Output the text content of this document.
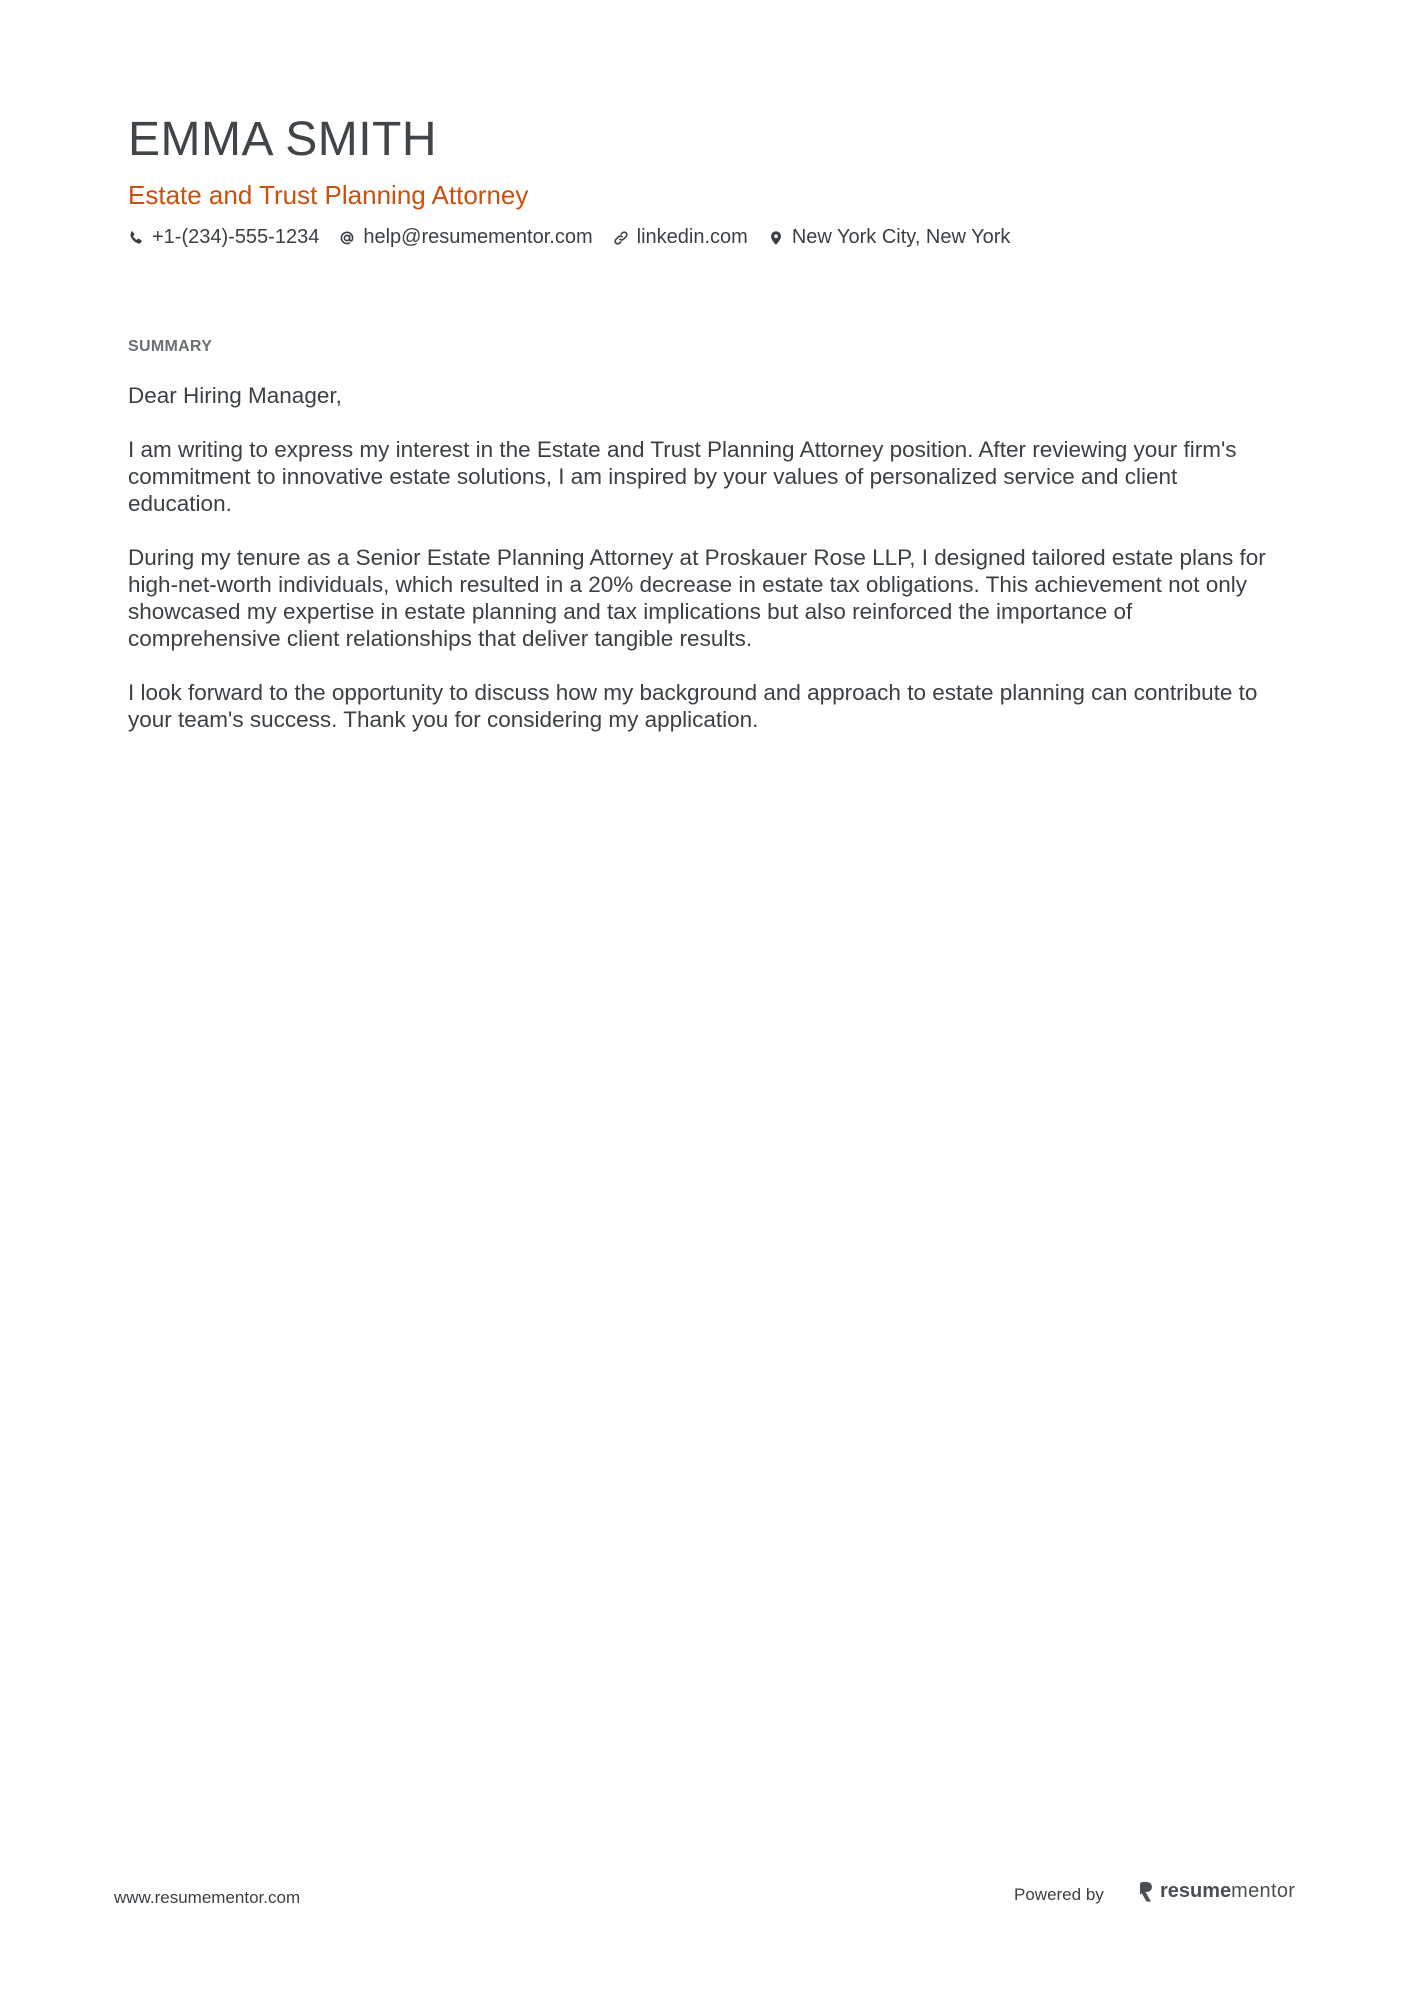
EMMA SMITH
Estate and Trust Planning Attorney
+1-(234)-555-1234 help@resumementor.com linkedin.com New York City, New York
SUMMARY

Dear Hiring Manager,

I am writing to express my interest in the Estate and Trust Planning Attorney position. After reviewing your firm's commitment to innovative estate solutions, I am inspired by your values of personalized service and client education.

During my tenure as a Senior Estate Planning Attorney at Proskauer Rose LLP, I designed tailored estate plans for high-net-worth individuals, which resulted in a 20% decrease in estate tax obligations. This achievement not only showcased my expertise in estate planning and tax implications but also reinforced the importance of comprehensive client relationships that deliver tangible results.

I look forward to the opportunity to discuss how my background and approach to estate planning can contribute to your team's success. Thank you for considering my application.

www.resumementor.com	Powered by	resumementor
